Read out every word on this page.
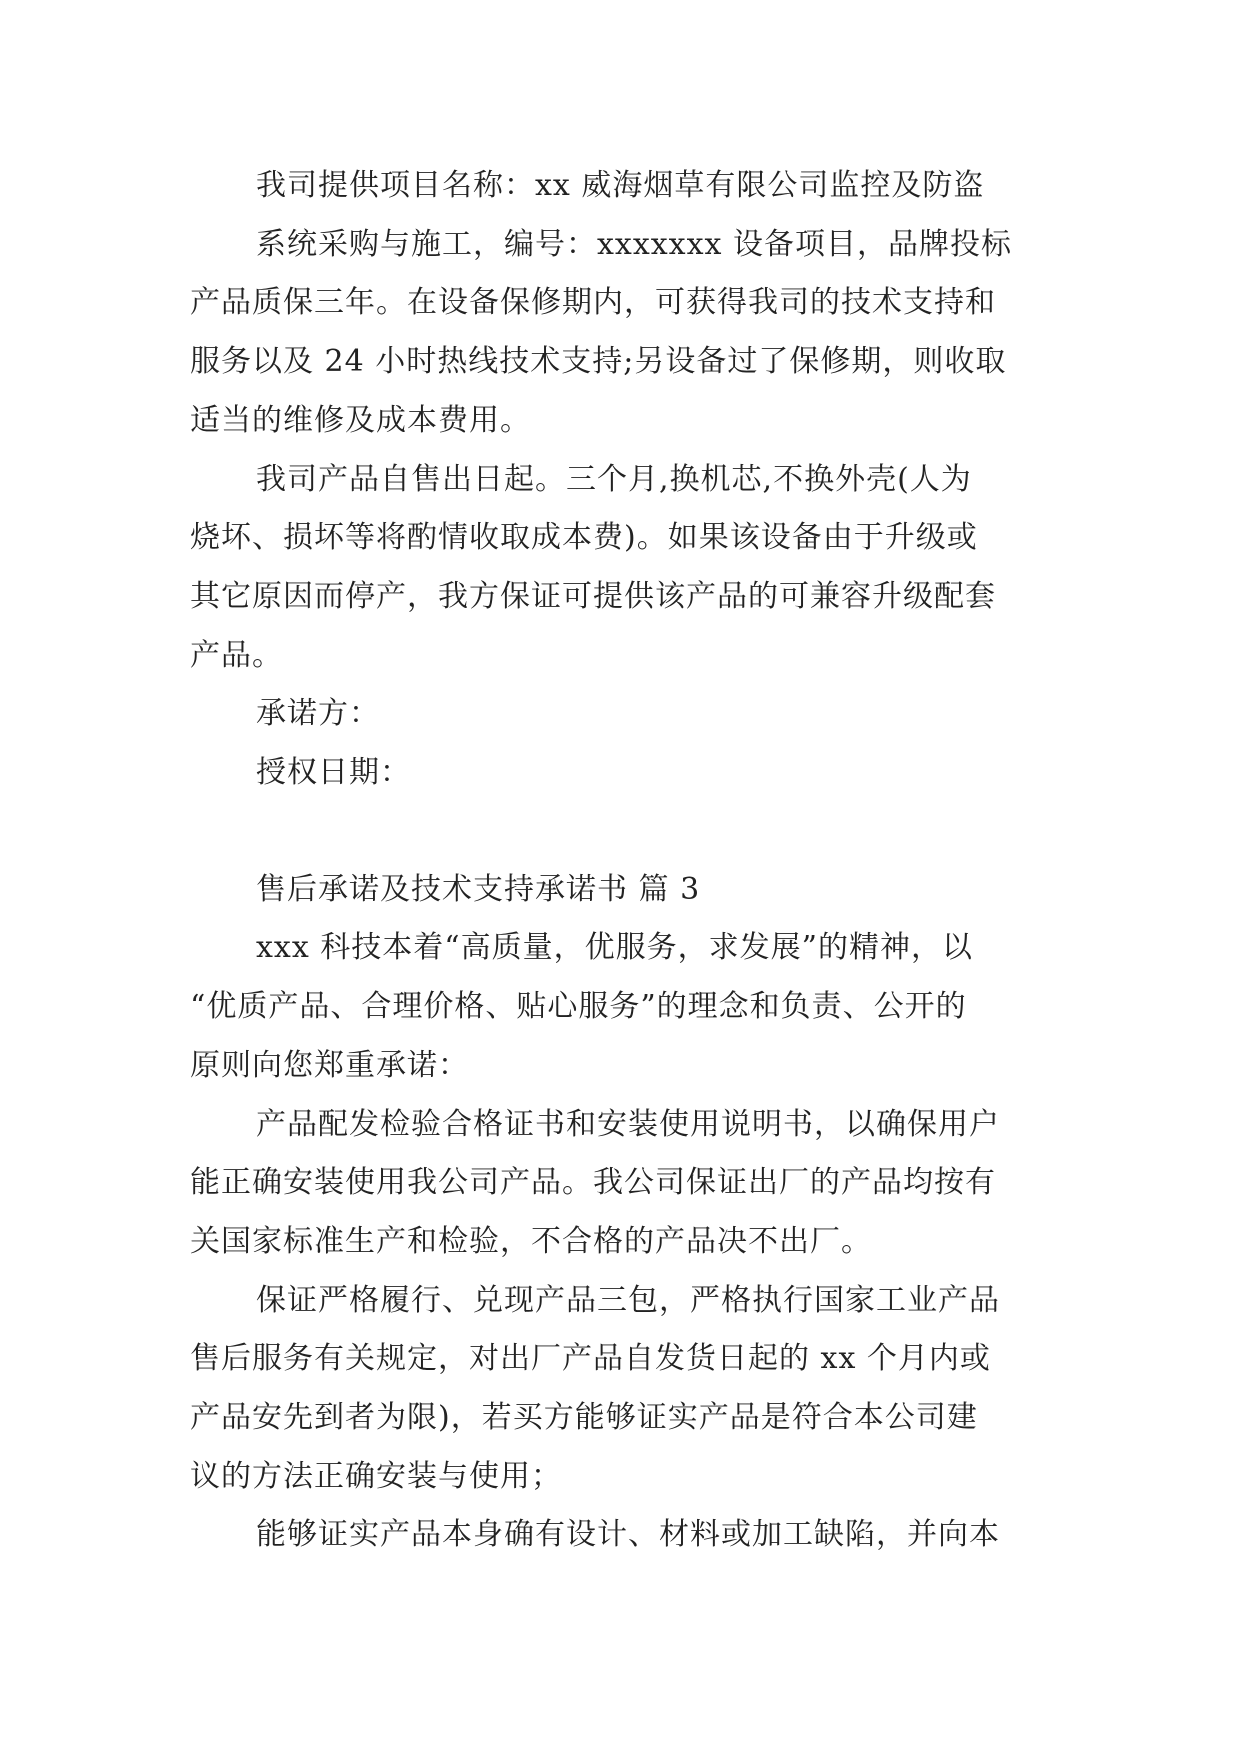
我司提供项目名称：xx 威海烟草有限公司监控及防盗

系统采购与施工，编号：xxxxxxx 设备项目，品牌投标

产品质保三年。在设备保修期内，可获得我司的技术支持和

服务以及 24 小时热线技术支持;另设备过了保修期，则收取

适当的维修及成本费用。

我司产品自售出日起。三个月,换机芯,不换外壳(人为

烧坏、损坏等将酌情收取成本费)。如果该设备由于升级或

其它原因而停产，我方保证可提供该产品的可兼容升级配套

产品。

承诺方：

授权日期：

售后承诺及技术支持承诺书 篇 3

xxx 科技本着“高质量，优服务，求发展”的精神，以

“优质产品、合理价格、贴心服务”的理念和负责、公开的

原则向您郑重承诺：

产品配发检验合格证书和安装使用说明书，以确保用户

能正确安装使用我公司产品。我公司保证出厂的产品均按有

关国家标准生产和检验，不合格的产品决不出厂。

保证严格履行、兑现产品三包，严格执行国家工业产品

售后服务有关规定，对出厂产品自发货日起的 xx 个月内或

产品安先到者为限)，若买方能够证实产品是符合本公司建

议的方法正确安装与使用；

能够证实产品本身确有设计、材料或加工缺陷，并向本
